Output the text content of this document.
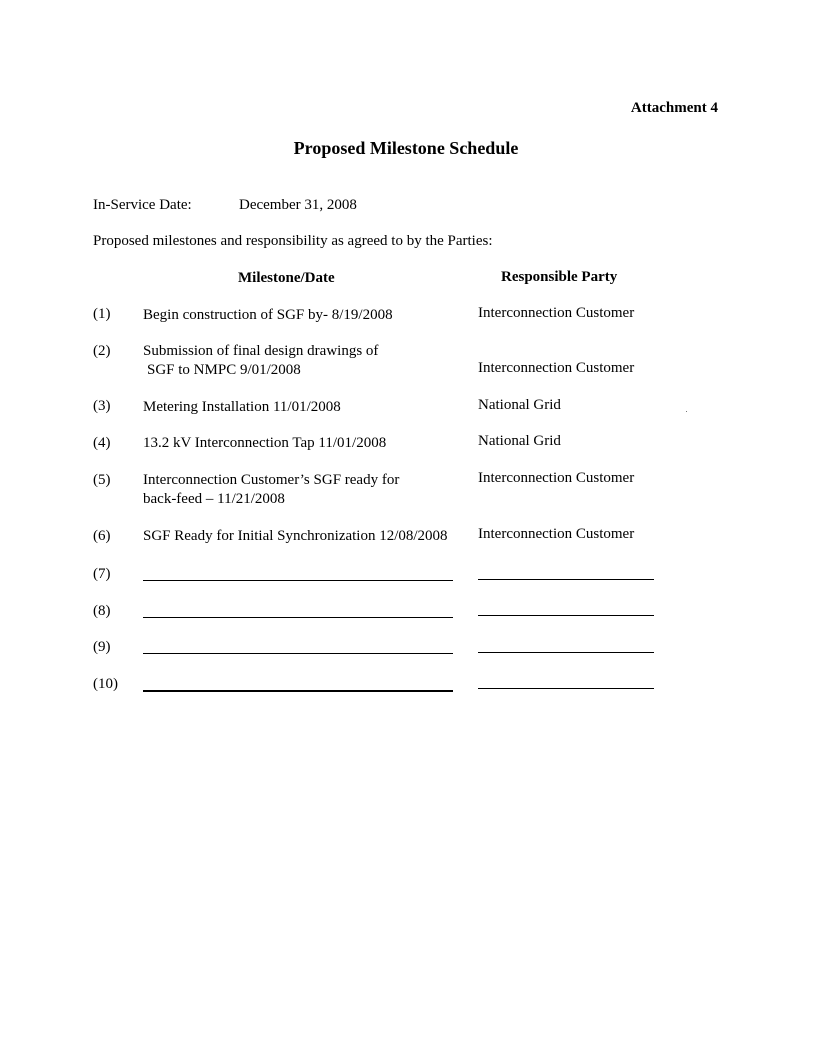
Attachment 4
Proposed Milestone Schedule
In-Service Date:	December 31, 2008
Proposed milestones and responsibility as agreed to by the Parties:
Milestone/Date	Responsible Party
(1) Begin construction of SGF by- 8/19/2008	Interconnection Customer
(2) Submission of final design drawings of
SGF to NMPC 9/01/2008	Interconnection Customer
(3) Metering Installation 11/01/2008	National Grid
(4) 13.2 kV Interconnection Tap 11/01/2008	National Grid
(5) Interconnection Customer’s SGF ready for
back-feed – 11/21/2008
Interconnection Customer
(6) SGF Ready for Initial Synchronization 12/08/2008 Interconnection Customer
(7)
(8)
(9)
(10)
